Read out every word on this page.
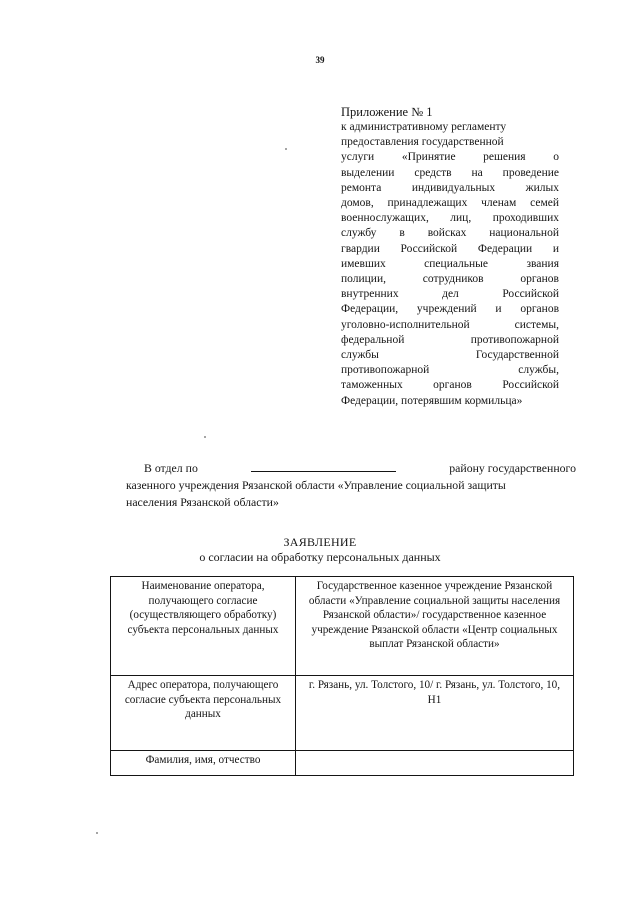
39
Приложение № 1
к административному регламенту
предоставления государственной
услуги «Принятие решения о
выделении средств на проведение
ремонта индивидуальных жилых
домов, принадлежащих членам семей
военнослужащих, лиц, проходивших
службу в войсках национальной
гвардии Российской Федерации и
имевших специальные звания
полиции, сотрудников органов
внутренних дел Российской
Федерации, учреждений и органов
уголовно-исполнительной системы,
федеральной противопожарной
службы Государственной
противопожарной службы,
таможенных органов Российской
Федерации, потерявшим кормильца»
В отдел по	району государственного
казенного учреждения Рязанской области «Управление социальной защиты
населения Рязанской области»
ЗАЯВЛЕНИЕ
о согласии на обработку персональных данных
Наименование оператора, получающего согласие (осуществляющего обработку) субъекта персональных данных	Государственное казенное учреждение Рязанской области «Управление социальной защиты населения Рязанской области»/ государственное казенное учреждение Рязанской области «Центр социальных выплат Рязанской области»
Адрес оператора, получающего согласие субъекта персональных данных	г. Рязань, ул. Толстого, 10/ г. Рязань, ул. Толстого, 10, Н1
Фамилия, имя, отчество	
